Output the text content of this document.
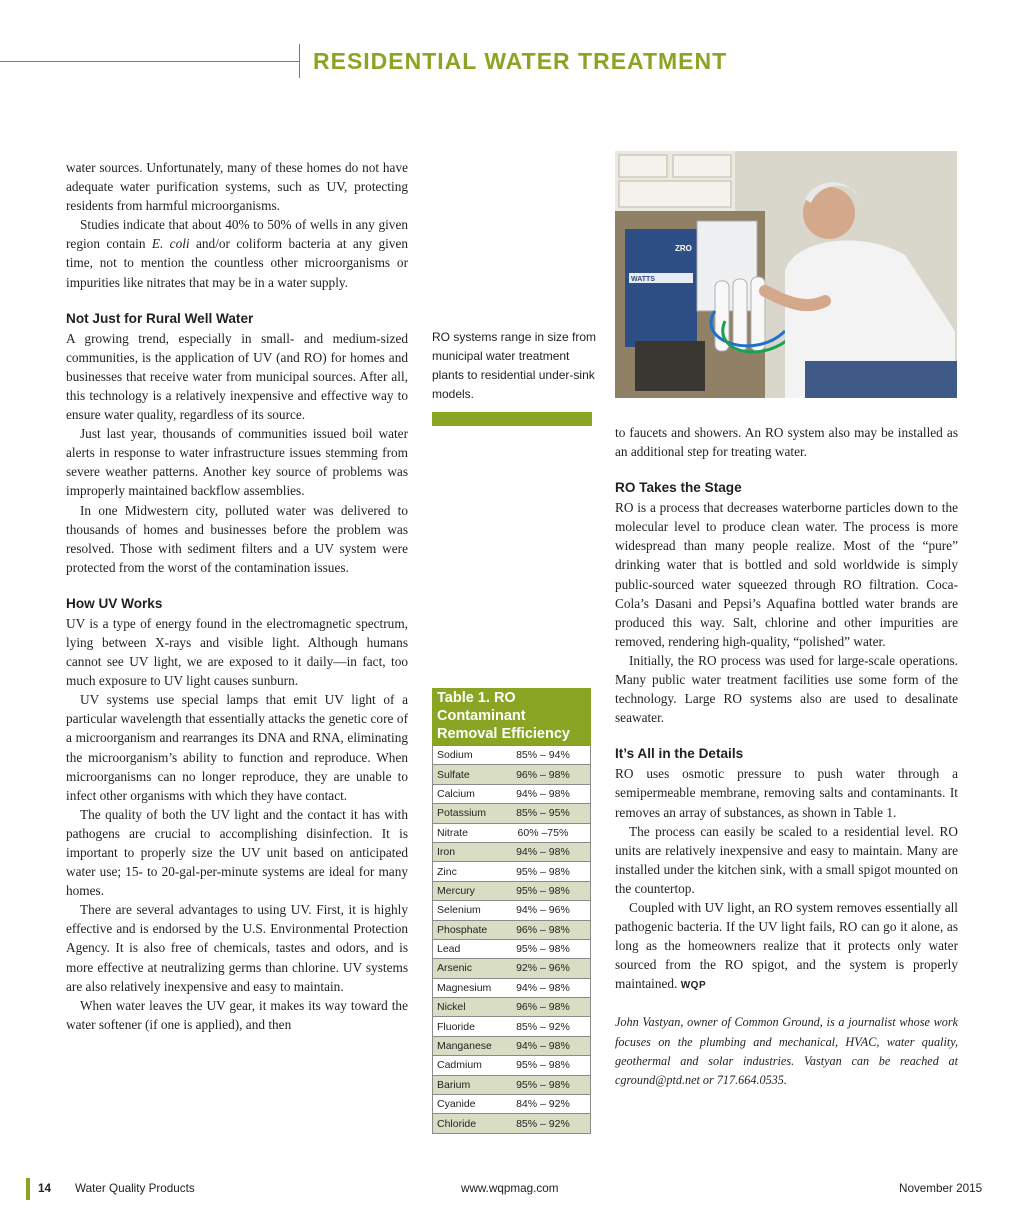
RESIDENTIAL WATER TREATMENT

water sources. Unfortunately, many of these homes do not have adequate water purification systems, such as UV, protecting residents from harmful microorganisms.

Studies indicate that about 40% to 50% of wells in any given region contain E. coli and/or coliform bacteria at any given time, not to mention the countless other microorganisms or impurities like nitrates that may be in a water supply.

Not Just for Rural Well Water

A growing trend, especially in small- and medium-sized communities, is the application of UV (and RO) for homes and businesses that receive water from municipal sources. After all, this technology is a relatively inexpensive and effective way to ensure water quality, regardless of its source.

Just last year, thousands of communities issued boil water alerts in response to water infrastructure issues stemming from severe weather patterns. Another key source of problems was improperly maintained backflow assemblies.

In one Midwestern city, polluted water was delivered to thousands of homes and businesses before the problem was resolved. Those with sediment filters and a UV system were protected from the worst of the contamination issues.

How UV Works

UV is a type of energy found in the electromagnetic spectrum, lying between X-rays and visible light. Although humans cannot see UV light, we are exposed to it daily—in fact, too much exposure to UV light causes sunburn.

UV systems use special lamps that emit UV light of a particular wavelength that essentially attacks the genetic core of a microorganism and rearranges its DNA and RNA, eliminating the microorganism’s ability to function and reproduce. When microorganisms can no longer reproduce, they are unable to infect other organisms with which they have contact.

The quality of both the UV light and the contact it has with pathogens are crucial to accomplishing disinfection. It is important to properly size the UV unit based on anticipated water use; 15- to 20-gal-per-minute systems are ideal for many homes.

There are several advantages to using UV. First, it is highly effective and is endorsed by the U.S. Environmental Protection Agency. It is also free of chemicals, tastes and odors, and is more effective at neutralizing germs than chlorine. UV systems are also relatively inexpensive and easy to maintain.

When water leaves the UV gear, it makes its way toward the water softener (if one is applied), and then

RO systems range in size from municipal water treatment plants to residential under-sink models.
WATTS
ZRO
Table 1. RO Contaminant Removal Efficiency
Sodium	85% – 94%
Sulfate	96% – 98%
Calcium	94% – 98%
Potassium	85% – 95%
Nitrate	60% –75%
Iron	94% – 98%
Zinc	95% – 98%
Mercury	95% – 98%
Selenium	94% – 96%
Phosphate	96% – 98%
Lead	95% – 98%
Arsenic	92% – 96%
Magnesium	94% – 98%
Nickel	96% – 98%
Fluoride	85% – 92%
Manganese	94% – 98%
Cadmium	95% – 98%
Barium	95% – 98%
Cyanide	84% – 92%
Chloride	85% – 92%

to faucets and showers. An RO system also may be installed as an additional step for treating water.

RO Takes the Stage

RO is a process that decreases waterborne particles down to the molecular level to produce clean water. The process is more widespread than many people realize. Most of the “pure” drinking water that is bottled and sold worldwide is simply public-sourced water squeezed through RO filtration. Coca-Cola’s Dasani and Pepsi’s Aquafina bottled water brands are produced this way. Salt, chlorine and other impurities are removed, rendering high-quality, “polished” water.

Initially, the RO process was used for large-scale operations. Many public water treatment facilities use some form of the technology. Large RO systems also are used to desalinate seawater.

It’s All in the Details

RO uses osmotic pressure to push water through a semipermeable membrane, removing salts and contaminants. It removes an array of substances, as shown in Table 1.

The process can easily be scaled to a residential level. RO units are relatively inexpensive and easy to maintain. Many are installed under the kitchen sink, with a small spigot mounted on the countertop.

Coupled with UV light, an RO system removes essentially all pathogenic bacteria. If the UV light fails, RO can go it alone, as long as the homeowners realize that it protects only water sourced from the RO spigot, and the system is properly maintained. WQP

John Vastyan, owner of Common Ground, is a journalist whose work focuses on the plumbing and mechanical, HVAC, water quality, geothermal and solar industries. Vastyan can be reached at cground@ptd.net or 717.664.0535.

14 Water Quality Products	www.wqpmag.com	November 2015
